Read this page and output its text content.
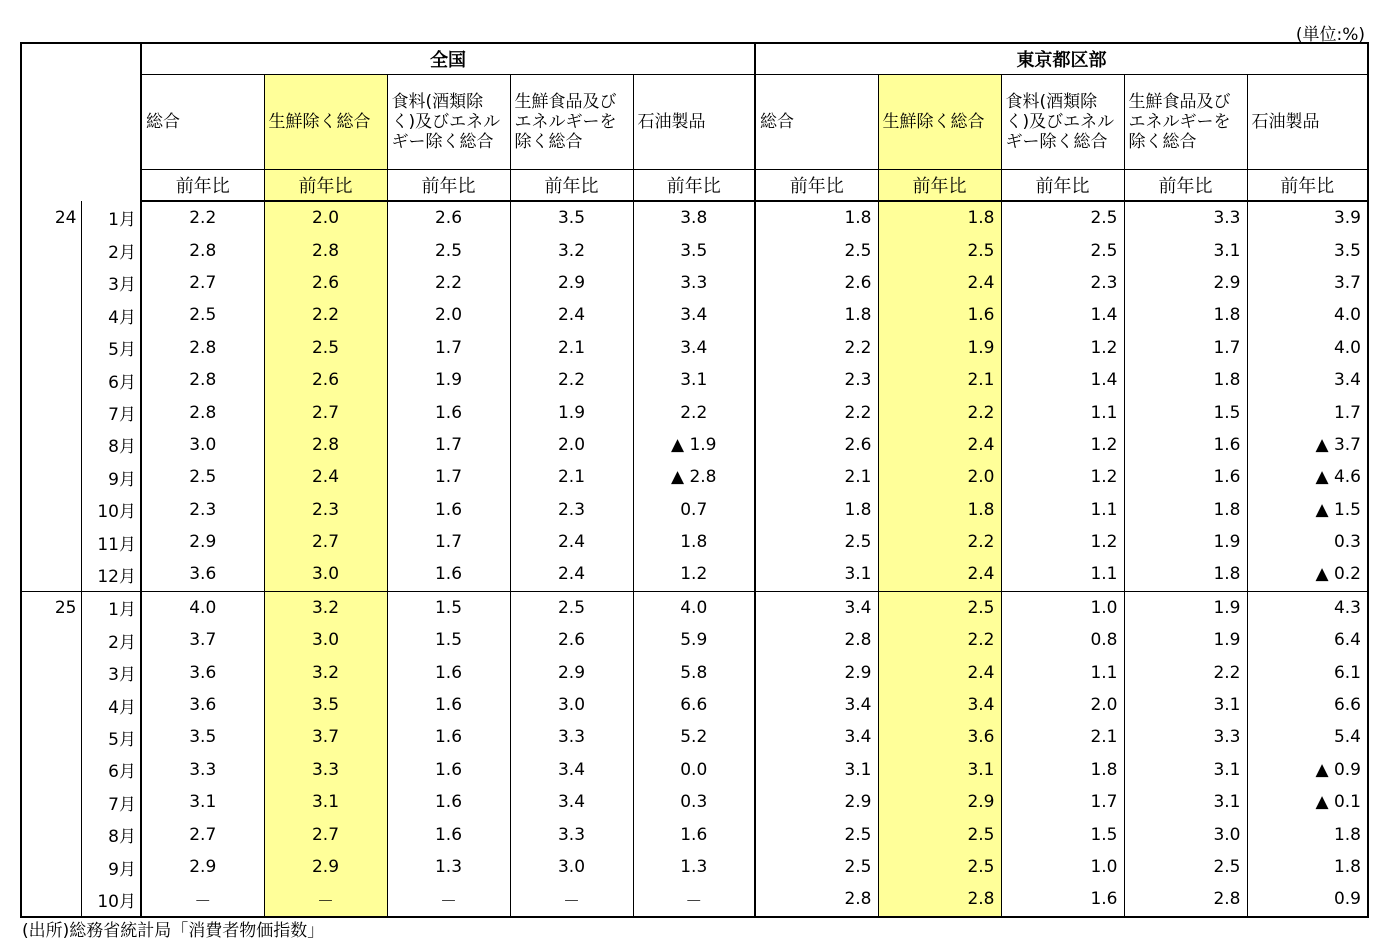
(単位:%)
		全国					東京都区部				
		総合	生鮮除く総合	食料(酒類除く)及びエネルギー除く総合	生鮮食品及びエネルギーを除く総合	石油製品	総合	生鮮除く総合	食料(酒類除く)及びエネルギー除く総合	生鮮食品及びエネルギーを除く総合	石油製品
		前年比	前年比	前年比	前年比	前年比	前年比	前年比	前年比	前年比	前年比
24	1月	2.2	2.0	2.6	3.5	3.8	1.8	1.8	2.5	3.3	3.9
	2月	2.8	2.8	2.5	3.2	3.5	2.5	2.5	2.5	3.1	3.5
	3月	2.7	2.6	2.2	2.9	3.3	2.6	2.4	2.3	2.9	3.7
	4月	2.5	2.2	2.0	2.4	3.4	1.8	1.6	1.4	1.8	4.0
	5月	2.8	2.5	1.7	2.1	3.4	2.2	1.9	1.2	1.7	4.0
	6月	2.8	2.6	1.9	2.2	3.1	2.3	2.1	1.4	1.8	3.4
	7月	2.8	2.7	1.6	1.9	2.2	2.2	2.2	1.1	1.5	1.7
	8月	3.0	2.8	1.7	2.0	▲ 1.9	2.6	2.4	1.2	1.6	▲ 3.7
	9月	2.5	2.4	1.7	2.1	▲ 2.8	2.1	2.0	1.2	1.6	▲ 4.6
	10月	2.3	2.3	1.6	2.3	0.7	1.8	1.8	1.1	1.8	▲ 1.5
	11月	2.9	2.7	1.7	2.4	1.8	2.5	2.2	1.2	1.9	0.3
	12月	3.6	3.0	1.6	2.4	1.2	3.1	2.4	1.1	1.8	▲ 0.2
25	1月	4.0	3.2	1.5	2.5	4.0	3.4	2.5	1.0	1.9	4.3
	2月	3.7	3.0	1.5	2.6	5.9	2.8	2.2	0.8	1.9	6.4
	3月	3.6	3.2	1.6	2.9	5.8	2.9	2.4	1.1	2.2	6.1
	4月	3.6	3.5	1.6	3.0	6.6	3.4	3.4	2.0	3.1	6.6
	5月	3.5	3.7	1.6	3.3	5.2	3.4	3.6	2.1	3.3	5.4
	6月	3.3	3.3	1.6	3.4	0.0	3.1	3.1	1.8	3.1	▲ 0.9
	7月	3.1	3.1	1.6	3.4	0.3	2.9	2.9	1.7	3.1	▲ 0.1
	8月	2.7	2.7	1.6	3.3	1.6	2.5	2.5	1.5	3.0	1.8
	9月	2.9	2.9	1.3	3.0	1.3	2.5	2.5	1.0	2.5	1.8
	10月	－	－	－	－	－	2.8	2.8	1.6	2.8	0.9
(出所)総務省統計局「消費者物価指数」
